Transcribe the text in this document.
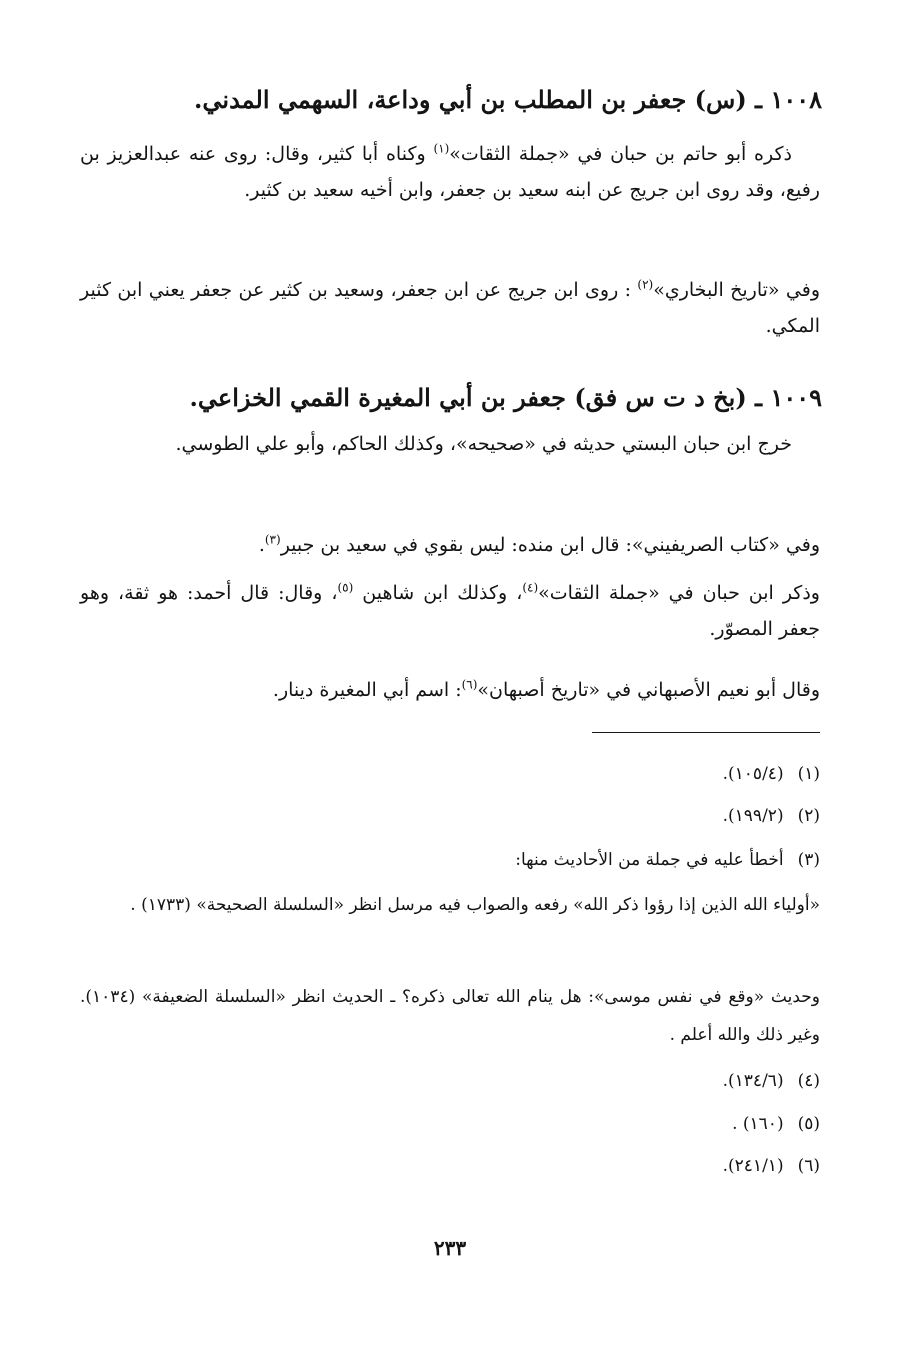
١٠٠٨ ـ (س) جعفر بن المطلب بن أبي وداعة، السهمي المدني.
ذكره أبو حاتم بن حبان في «جملة الثقات»$^{(١)}$ وكناه أبا كثير، وقال: روى عنه عبدالعزيز بن رفيع، وقد روى ابن جريج عن ابنه سعيد بن جعفر، وابن أخيه سعيد بن كثير.
وفي «تاريخ البخاري»$^{(٢)}$ : روى ابن جريج عن ابن جعفر، وسعيد بن كثير عن جعفر يعني ابن كثير المكي.
١٠٠٩ ـ (بخ د ت س فق) جعفر بن أبي المغيرة القمي الخزاعي.
خرج ابن حبان البستي حديثه في «صحيحه»، وكذلك الحاكم، وأبو علي الطوسي.
وفي «كتاب الصريفيني»: قال ابن منده: ليس بقوي في سعيد بن جبير$^{(٣)}$.
وذكر ابن حبان في «جملة الثقات»$^{(٤)}$، وكذلك ابن شاهين $^{(٥)}$، وقال: قال أحمد: هو ثقة، وهو جعفر المصوّر.
وقال أبو نعيم الأصبهاني في «تاريخ أصبهان»$^{(٦)}$: اسم أبي المغيرة دينار.
(١)(١٠٥/٤).
(٢)(١٩٩/٢).
(٣)أخطأ عليه في جملة من الأحاديث منها:
«أولياء الله الذين إذا رؤوا ذكر الله» رفعه والصواب فيه مرسل انظر «السلسلة الصحيحة» (١٧٣٣) .
وحديث «وقع في نفس موسى»: هل ينام الله تعالى ذكره؟ ـ الحديث انظر «السلسلة الضعيفة» (١٠٣٤). وغير ذلك والله أعلم .
(٤)(١٣٤/٦).
(٥)(١٦٠) .
(٦)(٢٤١/١).
٢٣٣
